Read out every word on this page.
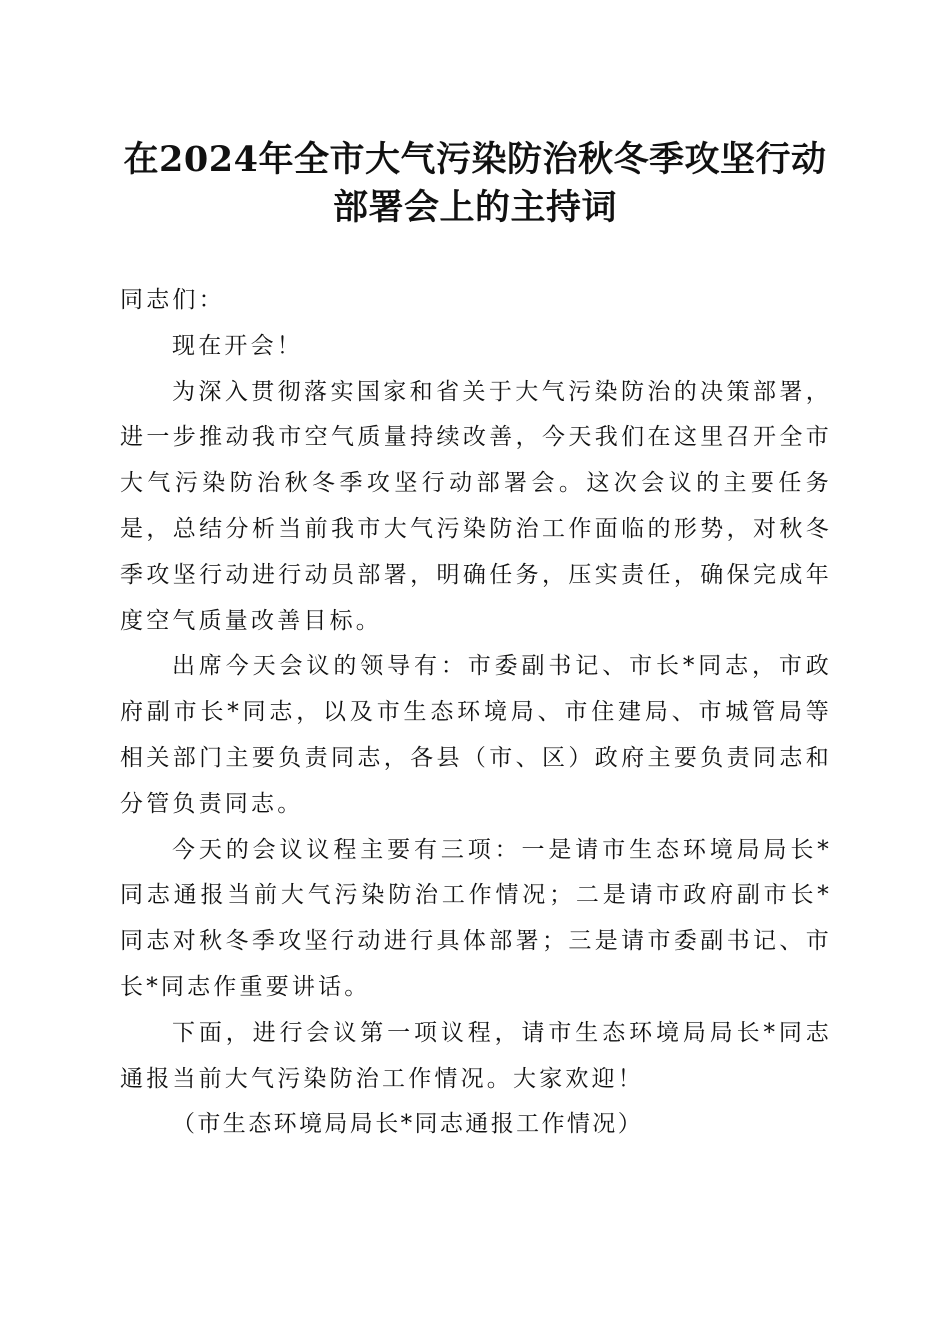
在2024年全市大气污染防治秋冬季攻坚行动
部署会上的主持词

同志们：

现在开会！

为深入贯彻落实国家和省关于大气污染防治的决策部署，进一步推动我市空气质量持续改善，今天我们在这里召开全市大气污染防治秋冬季攻坚行动部署会。这次会议的主要任务是，总结分析当前我市大气污染防治工作面临的形势，对秋冬季攻坚行动进行动员部署，明确任务，压实责任，确保完成年度空气质量改善目标。

出席今天会议的领导有：市委副书记、市长*同志，市政府副市长*同志，以及市生态环境局、市住建局、市城管局等相关部门主要负责同志，各县（市、区）政府主要负责同志和分管负责同志。

今天的会议议程主要有三项：一是请市生态环境局局长*同志通报当前大气污染防治工作情况；二是请市政府副市长*同志对秋冬季攻坚行动进行具体部署；三是请市委副书记、市长*同志作重要讲话。

下面，进行会议第一项议程，请市生态环境局局长*同志通报当前大气污染防治工作情况。大家欢迎！

（市生态环境局局长*同志通报工作情况）
